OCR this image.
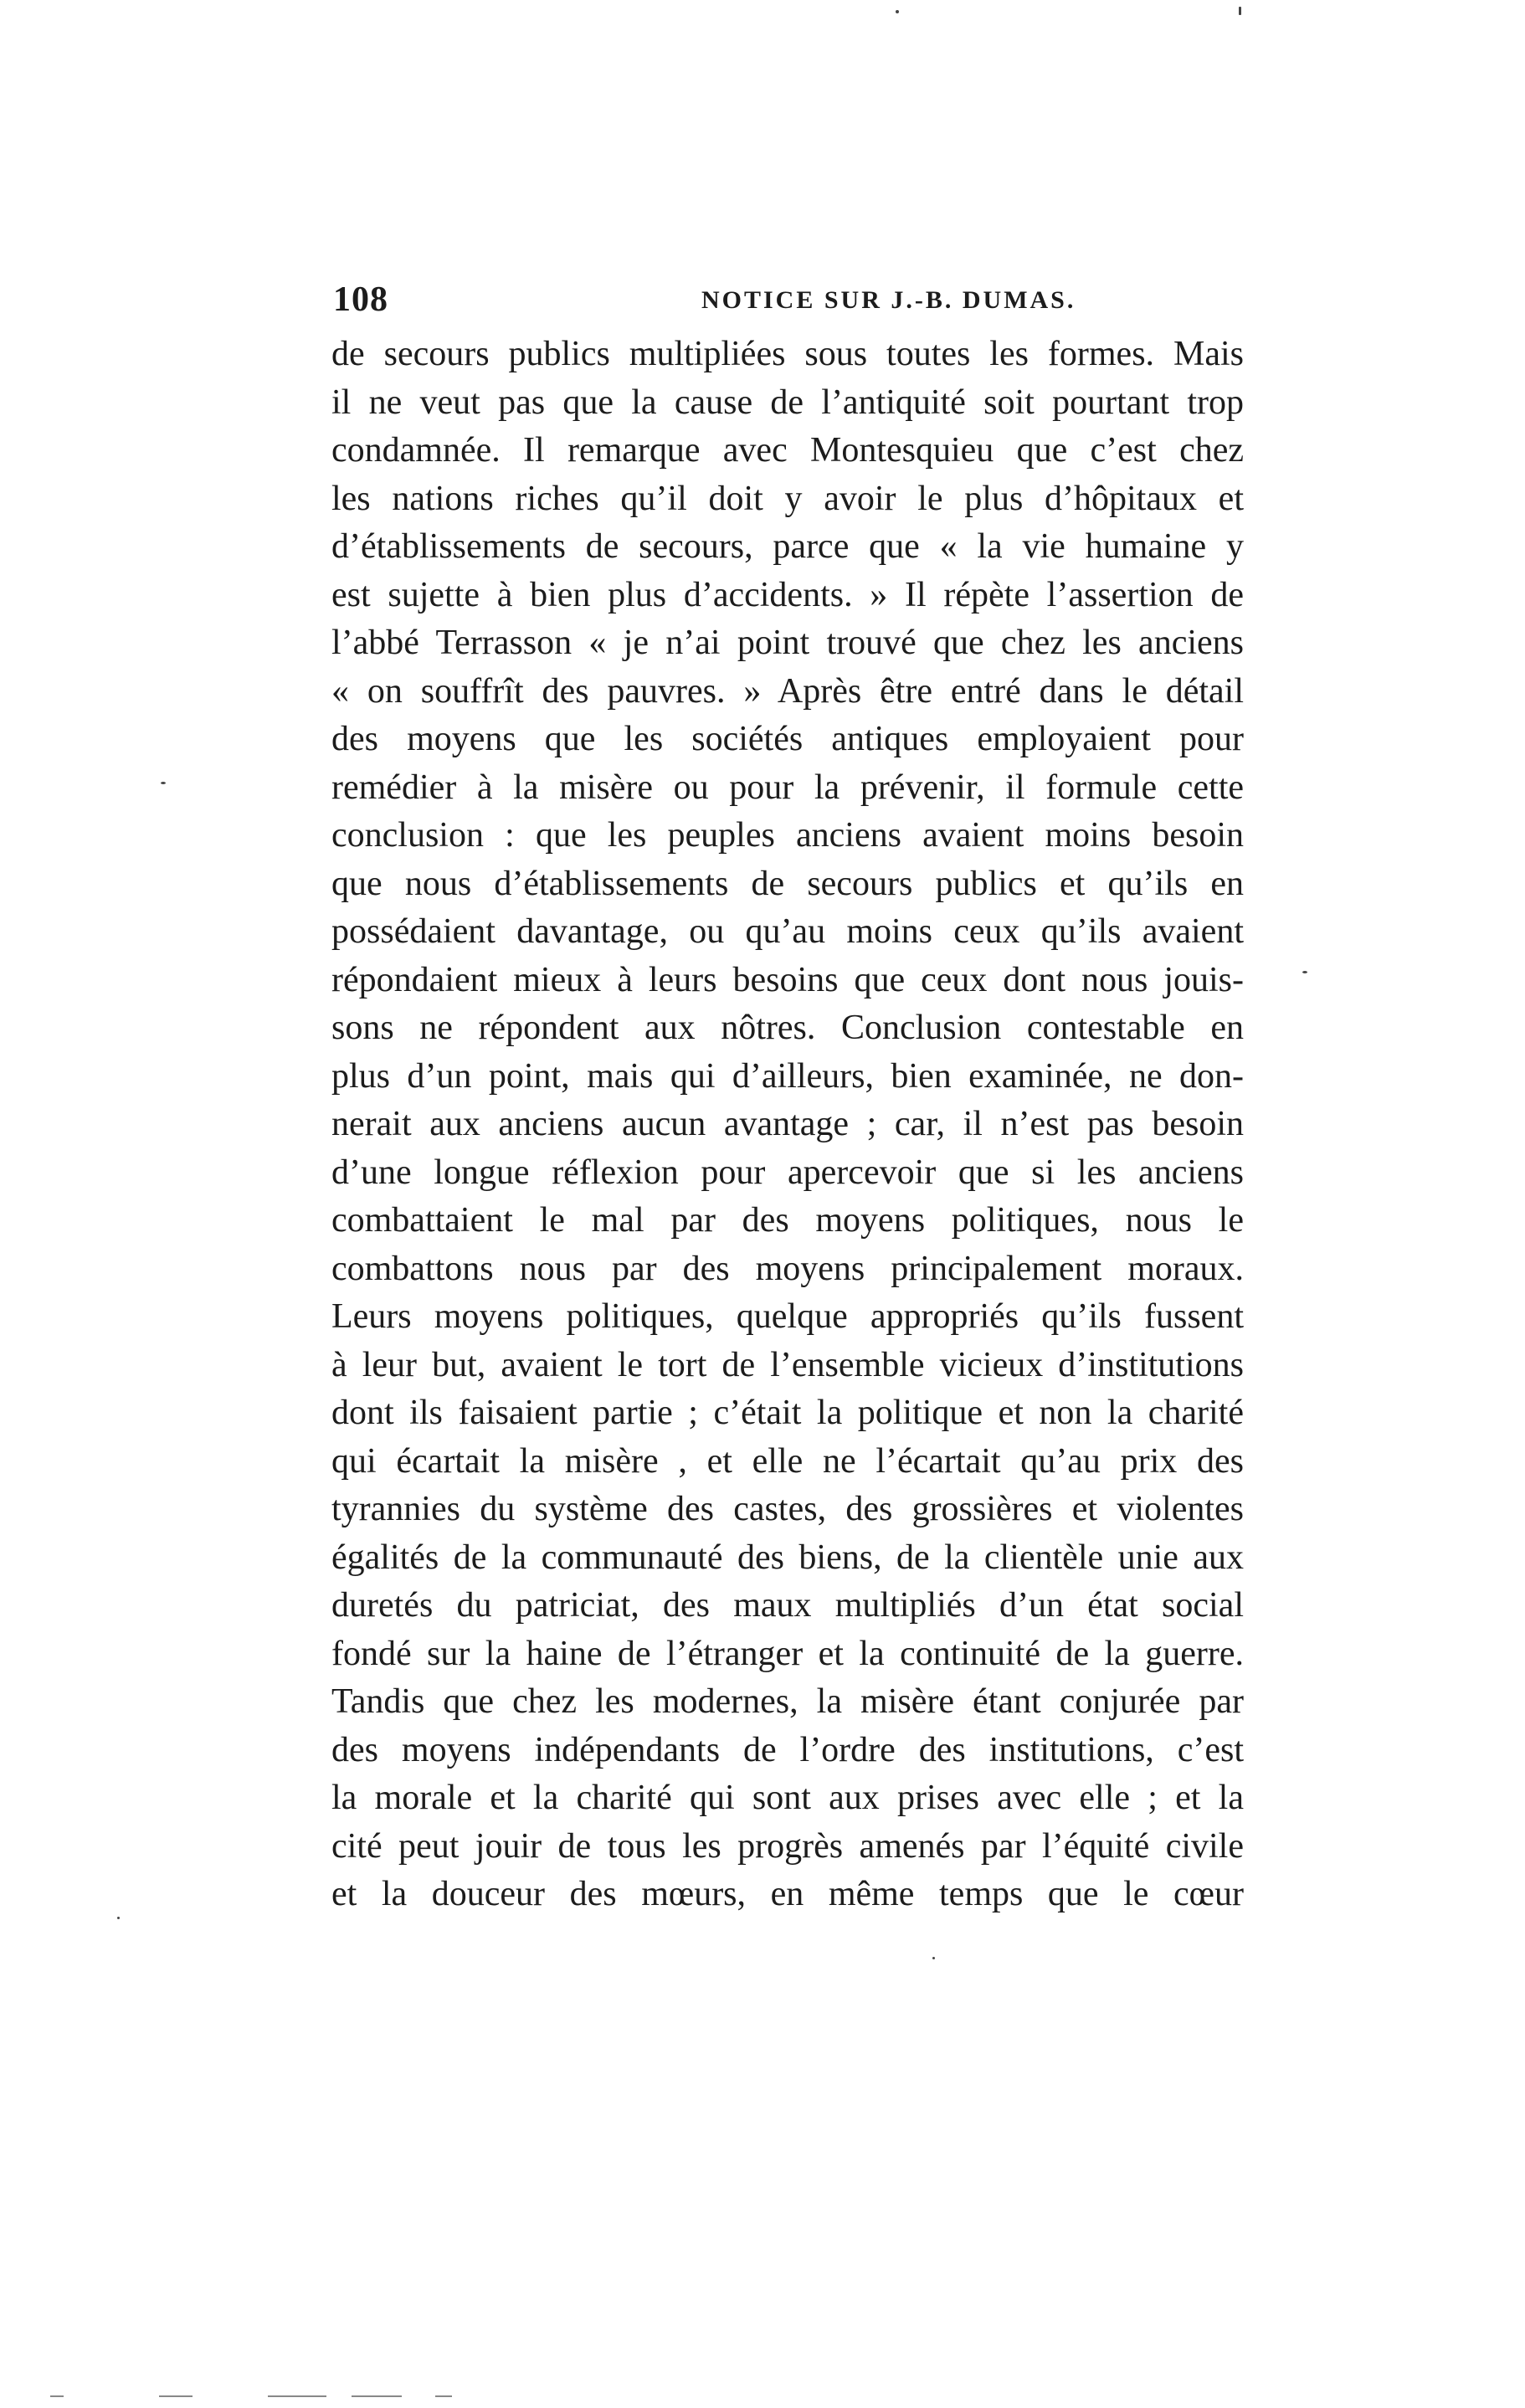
108	NOTICE SUR J.-B. DUMAS.
de secours publics multipliées sous toutes les formes. Mais
il ne veut pas que la cause de l’antiquité soit pourtant trop
condamnée. Il remarque avec Montesquieu que c’est chez
les nations riches qu’il doit y avoir le plus d’hôpitaux et
d’établissements de secours, parce que « la vie humaine y
est sujette à bien plus d’accidents. » Il répète l’assertion de
l’abbé Terrasson « je n’ai point trouvé que chez les anciens
« on souffrît des pauvres. » Après être entré dans le détail
des moyens que les sociétés antiques employaient pour
remédier à la misère ou pour la prévenir, il formule cette
conclusion : que les peuples anciens avaient moins besoin
que nous d’établissements de secours publics et qu’ils en
possédaient davantage, ou qu’au moins ceux qu’ils avaient
répondaient mieux à leurs besoins que ceux dont nous jouis-
sons ne répondent aux nôtres. Conclusion contestable en
plus d’un point, mais qui d’ailleurs, bien examinée, ne don-
nerait aux anciens aucun avantage ; car, il n’est pas besoin
d’une longue réflexion pour apercevoir que si les anciens
combattaient le mal par des moyens politiques, nous le
combattons nous par des moyens principalement moraux.
Leurs moyens politiques, quelque appropriés qu’ils fussent
à leur but, avaient le tort de l’ensemble vicieux d’institutions
dont ils faisaient partie ; c’était la politique et non la charité
qui écartait la misère , et elle ne l’écartait qu’au prix des
tyrannies du système des castes, des grossières et violentes
égalités de la communauté des biens, de la clientèle unie aux
duretés du patriciat, des maux multipliés d’un état social
fondé sur la haine de l’étranger et la continuité de la guerre.
Tandis que chez les modernes, la misère étant conjurée par
des moyens indépendants de l’ordre des institutions, c’est
la morale et la charité qui sont aux prises avec elle ; et la
cité peut jouir de tous les progrès amenés par l’équité civile
et la douceur des mœurs, en même temps que le cœur
